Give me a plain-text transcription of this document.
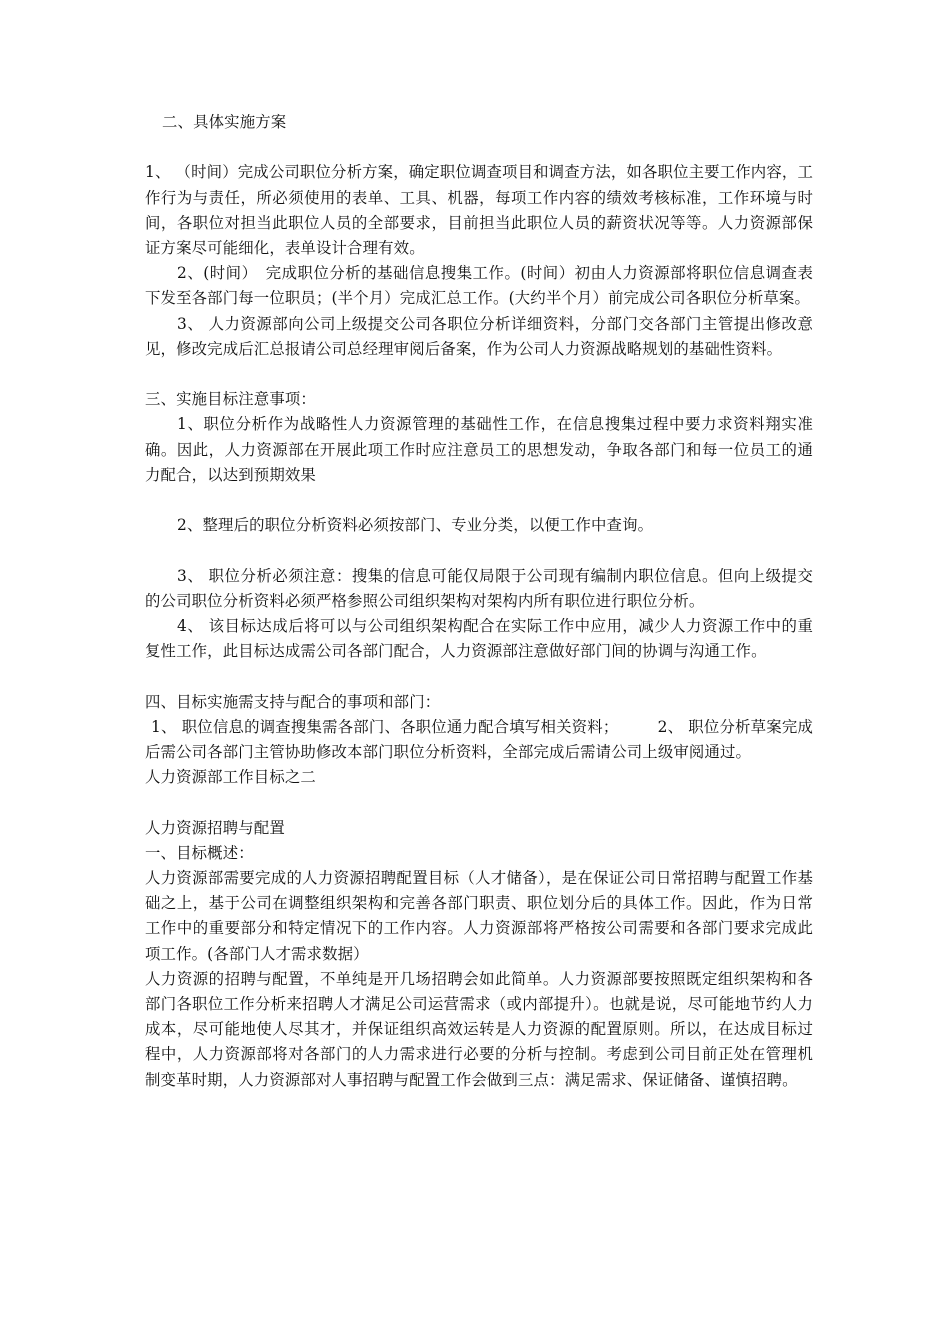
二、具体实施方案

1、 （时间）完成公司职位分析方案，确定职位调查项目和调查方法，如各职位主要工作内容，工作行为与责任，所必须使用的表单、工具、机器，每项工作内容的绩效考核标准，工作环境与时间，各职位对担当此职位人员的全部要求，目前担当此职位人员的薪资状况等等。人力资源部保证方案尽可能细化，表单设计合理有效。

2、(时间）　完成职位分析的基础信息搜集工作。(时间）初由人力资源部将职位信息调查表下发至各部门每一位职员；(半个月）完成汇总工作。(大约半个月）前完成公司各职位分析草案。

3、 人力资源部向公司上级提交公司各职位分析详细资料，分部门交各部门主管提出修改意见，修改完成后汇总报请公司总经理审阅后备案，作为公司人力资源战略规划的基础性资料。

三、实施目标注意事项：

1、职位分析作为战略性人力资源管理的基础性工作，在信息搜集过程中要力求资料翔实准确。因此，人力资源部在开展此项工作时应注意员工的思想发动，争取各部门和每一位员工的通力配合，以达到预期效果

2、整理后的职位分析资料必须按部门、专业分类，以便工作中查询。

3、 职位分析必须注意：搜集的信息可能仅局限于公司现有编制内职位信息。但向上级提交的公司职位分析资料必须严格参照公司组织架构对架构内所有职位进行职位分析。

4、 该目标达成后将可以与公司组织架构配合在实际工作中应用，减少人力资源工作中的重复性工作，此目标达成需公司各部门配合，人力资源部注意做好部门间的协调与沟通工作。

四、目标实施需支持与配合的事项和部门：

1、 职位信息的调查搜集需各部门、各职位通力配合填写相关资料；　　　2、 职位分析草案完成后需公司各部门主管协助修改本部门职位分析资料，全部完成后需请公司上级审阅通过。

人力资源部工作目标之二

人力资源招聘与配置

一、目标概述：

人力资源部需要完成的人力资源招聘配置目标（人才储备），是在保证公司日常招聘与配置工作基础之上，基于公司在调整组织架构和完善各部门职责、职位划分后的具体工作。因此，作为日常工作中的重要部分和特定情况下的工作内容。人力资源部将严格按公司需要和各部门要求完成此项工作。(各部门人才需求数据）

人力资源的招聘与配置，不单纯是开几场招聘会如此简单。人力资源部要按照既定组织架构和各部门各职位工作分析来招聘人才满足公司运营需求（或内部提升）。也就是说，尽可能地节约人力成本，尽可能地使人尽其才，并保证组织高效运转是人力资源的配置原则。所以，在达成目标过程中，人力资源部将对各部门的人力需求进行必要的分析与控制。考虑到公司目前正处在管理机制变革时期，人力资源部对人事招聘与配置工作会做到三点：满足需求、保证储备、谨慎招聘。
